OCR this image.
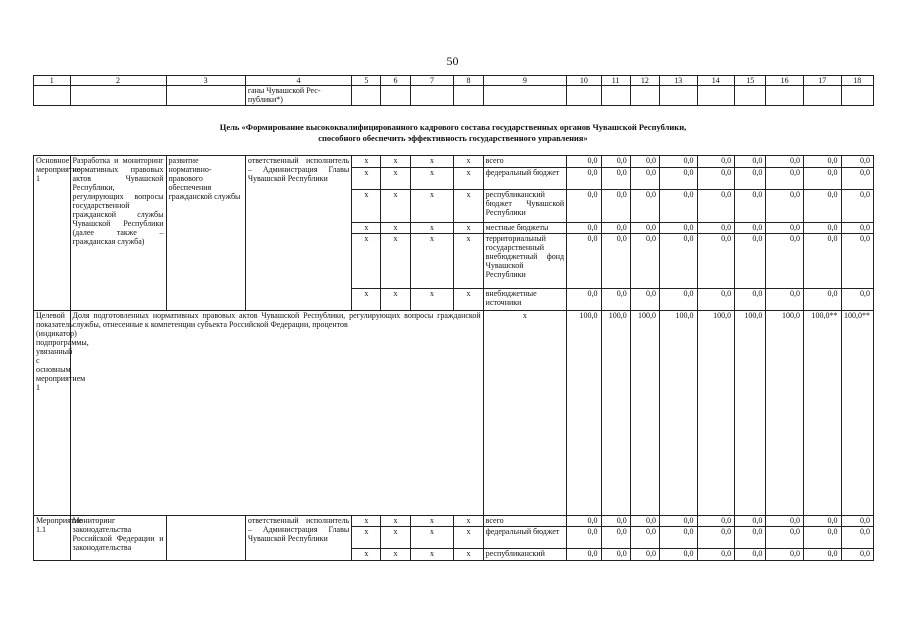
50
1	2	3	4	5	6	7	8	9	10	11	12	13	14	15	16	17	18
			ганы Чувашской Рес-публики*)														
Цель «Формирование высококвалифицированного кадрового состава государственных органов Чувашской Республики,
способного обеспечить эффективность государственного управления»
Основное мероприятие 1	Разработка и мониторинг нормативных правовых актов Чувашской Республики, регулирующих вопросы государственной гражданской службы Чувашской Республики (далее также – гражданская служба)	развитие нормативно-правового обеспечения гражданской службы	ответственный исполнитель – Администрация Главы Чувашской Республики	x	x	x	x	всего	0,0	0,0	0,0	0,0	0,0	0,0	0,0	0,0	0,0
				x	x	x	x	федеральный бюджет	0,0	0,0	0,0	0,0	0,0	0,0	0,0	0,0	0,0
				x	x	x	x	республиканский бюджет Чувашской Республики	0,0	0,0	0,0	0,0	0,0	0,0	0,0	0,0	0,0
				x	x	x	x	местные бюджеты	0,0	0,0	0,0	0,0	0,0	0,0	0,0	0,0	0,0
				x	x	x	x	территориальный государственный внебюджетный фонд Чувашской Республики	0,0	0,0	0,0	0,0	0,0	0,0	0,0	0,0	0,0
				x	x	x	x	внебюджетные источники	0,0	0,0	0,0	0,0	0,0	0,0	0,0	0,0	0,0
Целевой показатель (индикатор) подпрограммы, увязанный с основным мероприятием 1	Доля подготовленных нормативных правовых актов Чувашской Республики, регулирующих вопросы гражданской службы, отнесенные к компетенции субъекта Российской Федерации, процентов							x	100,0	100,0	100,0	100,0	100,0	100,0	100,0	100,0**	100,0**
Мероприятие 1.1	Мониторинг законодательства Российской Федерации и законодательства		ответственный исполнитель – Администрация Главы Чувашской Республики	x	x	x	x	всего	0,0	0,0	0,0	0,0	0,0	0,0	0,0	0,0	0,0
				x	x	x	x	федеральный бюджет	0,0	0,0	0,0	0,0	0,0	0,0	0,0	0,0	0,0
				x	x	x	x	республиканский	0,0	0,0	0,0	0,0	0,0	0,0	0,0	0,0	0,0
